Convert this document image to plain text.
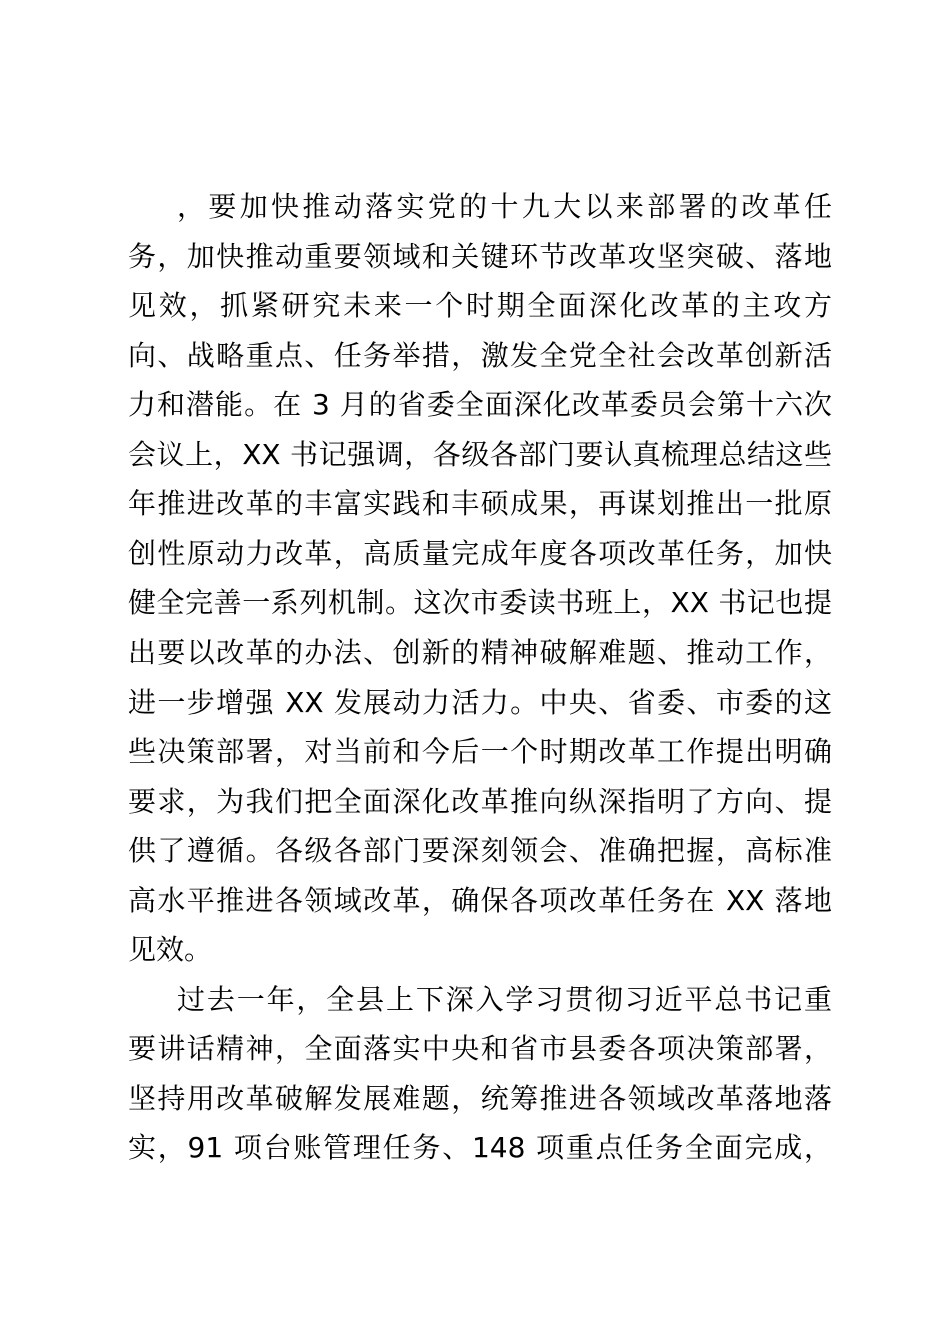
，要加快推动落实党的十九大以来部署的改革任
务，加快推动重要领域和关键环节改革攻坚突破、落地
见效，抓紧研究未来一个时期全面深化改革的主攻方
向、战略重点、任务举措，激发全党全社会改革创新活
力和潜能。在 3 月的省委全面深化改革委员会第十六次
会议上，XX 书记强调，各级各部门要认真梳理总结这些
年推进改革的丰富实践和丰硕成果，再谋划推出一批原
创性原动力改革，高质量完成年度各项改革任务，加快
健全完善一系列机制。这次市委读书班上，XX 书记也提
出要以改革的办法、创新的精神破解难题、推动工作，
进一步增强 XX 发展动力活力。中央、省委、市委的这
些决策部署，对当前和今后一个时期改革工作提出明确
要求，为我们把全面深化改革推向纵深指明了方向、提
供了遵循。各级各部门要深刻领会、准确把握，高标准
高水平推进各领域改革，确保各项改革任务在 XX 落地
见效。
过去一年，全县上下深入学习贯彻习近平总书记重
要讲话精神，全面落实中央和省市县委各项决策部署，
坚持用改革破解发展难题，统筹推进各领域改革落地落
实，91 项台账管理任务、148 项重点任务全面完成，
